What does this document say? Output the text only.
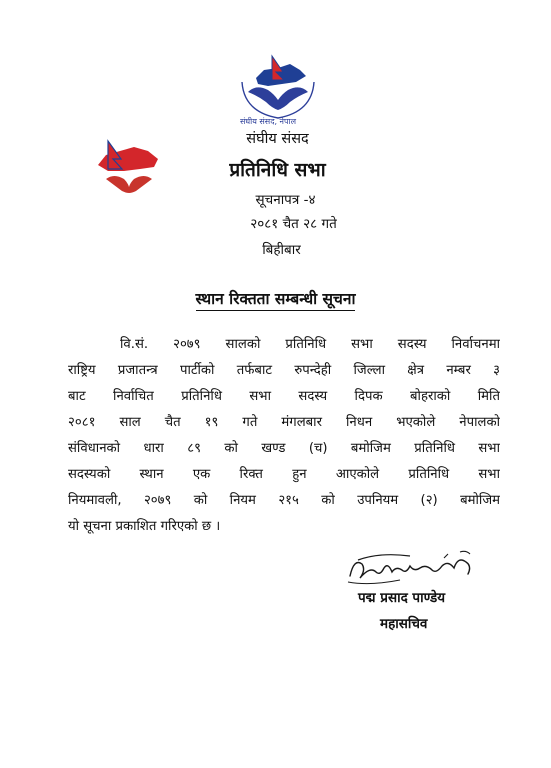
संघीय संसद, नेपाल
संघीय संसद
प्रतिनिधि सभा
सूचनापत्र -४
२०८१ चैत २८ गते
बिहीबार
स्थान रिक्तता सम्बन्धी सूचना
वि.सं. २०७९ सालको प्रतिनिधि सभा सदस्य निर्वाचनमा
राष्ट्रिय प्रजातन्त्र पार्टीको तर्फबाट रुपन्देही जिल्ला क्षेत्र नम्बर ३
बाट निर्वाचित प्रतिनिधि सभा सदस्य दिपक बोहराको मिति
२०८१ साल चैत १९ गते मंगलबार निधन भएकोले नेपालको
संविधानको धारा ८९ को खण्ड (च) बमोजिम प्रतिनिधि सभा
सदस्यको स्थान एक रिक्त हुन आएकोले प्रतिनिधि सभा
नियमावली, २०७९ को नियम २१५ को उपनियम (२) बमोजिम
यो सूचना प्रकाशित गरिएको छ ।
पद्म प्रसाद पाण्डेय
महासचिव
